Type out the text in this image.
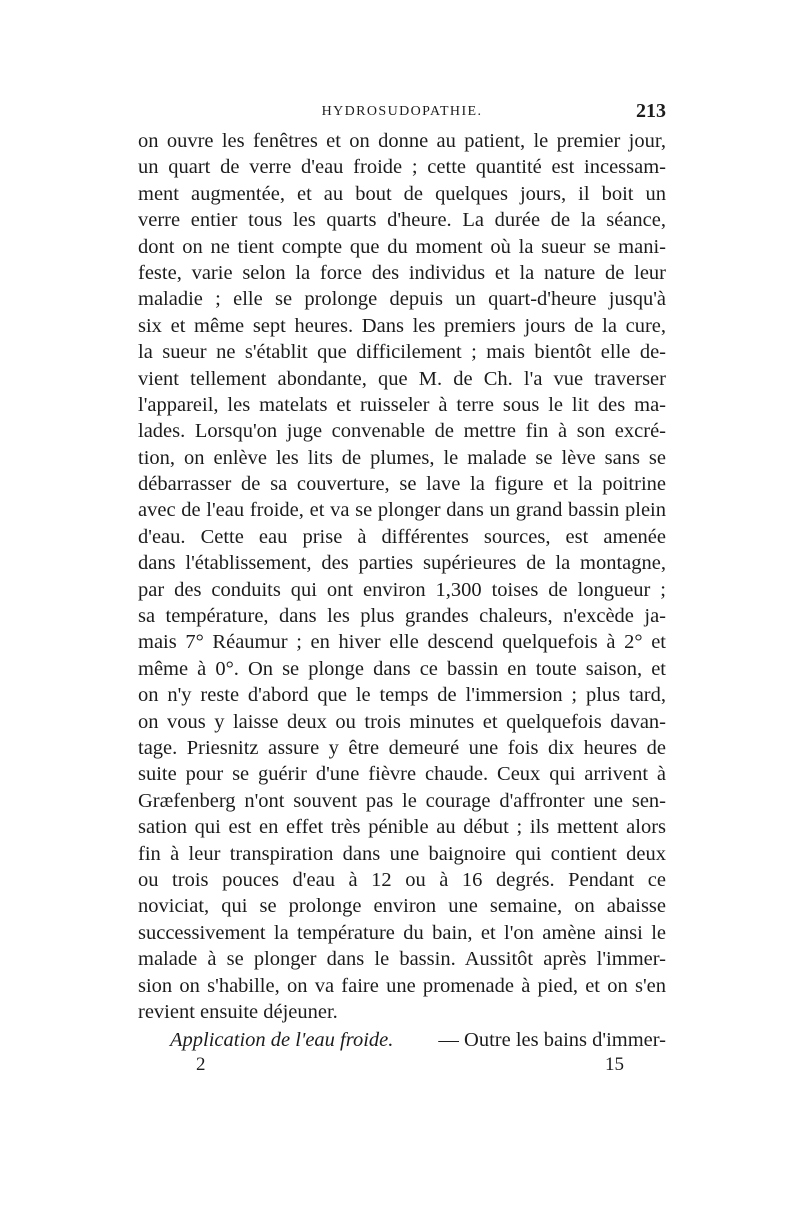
HYDROSUDOPATHIE.	213
on ouvre les fenêtres et on donne au patient, le premier jour,
un quart de verre d'eau froide ; cette quantité est incessam-
ment augmentée, et au bout de quelques jours, il boit un
verre entier tous les quarts d'heure. La durée de la séance,
dont on ne tient compte que du moment où la sueur se mani-
feste, varie selon la force des individus et la nature de leur
maladie ; elle se prolonge depuis un quart-d'heure jusqu'à
six et même sept heures. Dans les premiers jours de la cure,
la sueur ne s'établit que difficilement ; mais bientôt elle de-
vient tellement abondante, que M. de Ch. l'a vue traverser
l'appareil, les matelats et ruisseler à terre sous le lit des ma-
lades. Lorsqu'on juge convenable de mettre fin à son excré-
tion, on enlève les lits de plumes, le malade se lève sans se
débarrasser de sa couverture, se lave la figure et la poitrine
avec de l'eau froide, et va se plonger dans un grand bassin plein
d'eau. Cette eau prise à différentes sources, est amenée
dans l'établissement, des parties supérieures de la montagne,
par des conduits qui ont environ 1,300 toises de longueur ;
sa température, dans les plus grandes chaleurs, n'excède ja-
mais 7° Réaumur ; en hiver elle descend quelquefois à 2° et
même à 0°. On se plonge dans ce bassin en toute saison, et
on n'y reste d'abord que le temps de l'immersion ; plus tard,
on vous y laisse deux ou trois minutes et quelquefois davan-
tage. Priesnitz assure y être demeuré une fois dix heures de
suite pour se guérir d'une fièvre chaude. Ceux qui arrivent à
Græfenberg n'ont souvent pas le courage d'affronter une sen-
sation qui est en effet très pénible au début ; ils mettent alors
fin à leur transpiration dans une baignoire qui contient deux
ou trois pouces d'eau à 12 ou à 16 degrés. Pendant ce
noviciat, qui se prolonge environ une semaine, on abaisse
successivement la température du bain, et l'on amène ainsi le
malade à se plonger dans le bassin. Aussitôt après l'immer-
sion on s'habille, on va faire une promenade à pied, et on s'en
revient ensuite déjeuner.
Application de l'eau froide. — Outre les bains d'immer-
2	15
